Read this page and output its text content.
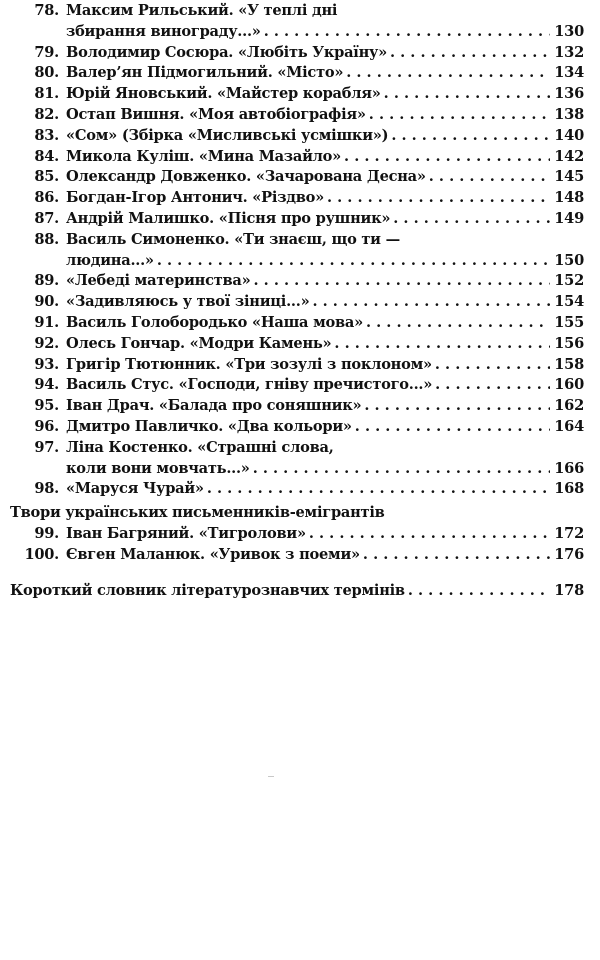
78. Максим Рильський. «У теплі дні
збирання винограду...» . . .	130
79. Володимир Сосюра. «Любіть Україну» . . .	132
80. Валер’ян Підмогильний. «Місто» . . .	134
81. Юрій Яновський. «Майстер корабля» . . .	136
82. Остап Вишня. «Моя автобіографія» . . .	138
83. «Сом» (Збірка «Мисливські усмішки») . . .	140
84. Микола Куліш. «Мина Мазайло» . . .	142
85. Олександр Довженко. «Зачарована Десна» . . .	145
86. Богдан-Ігор Антонич. «Різдво» . . .	148
87. Андрій Малишко. «Пісня про рушник» . . .	149
88. Василь Симоненко. «Ти знаєш, що ти —
людина...» . . .	150
89. «Лебеді материнства» . . .	152
90. «Задивляюсь у твої зіниці...» . . .	154
91. Василь Голобородько «Наша мова» . . .	155
92. Олесь Гончар. «Модри Камень» . . .	156
93. Григір Тютюнник. «Три зозулі з поклоном» . . .	158
94. Василь Стус. «Господи, гніву пречистого...» . . .	160
95. Іван Драч. «Балада про соняшник» . . .	162
96. Дмитро Павличко. «Два кольори» . . .	164
97. Ліна Костенко. «Страшні слова,
коли вони мовчать...» . . .	166
98. «Маруся Чурай» . . .	168
Твори українських письменників-емігрантів
99. Іван Багряний. «Тигролови» . . .	172
100. Євген Маланюк. «Уривок з поеми» . . .	176
Короткий словник літературознавчих термінів . . .	178
